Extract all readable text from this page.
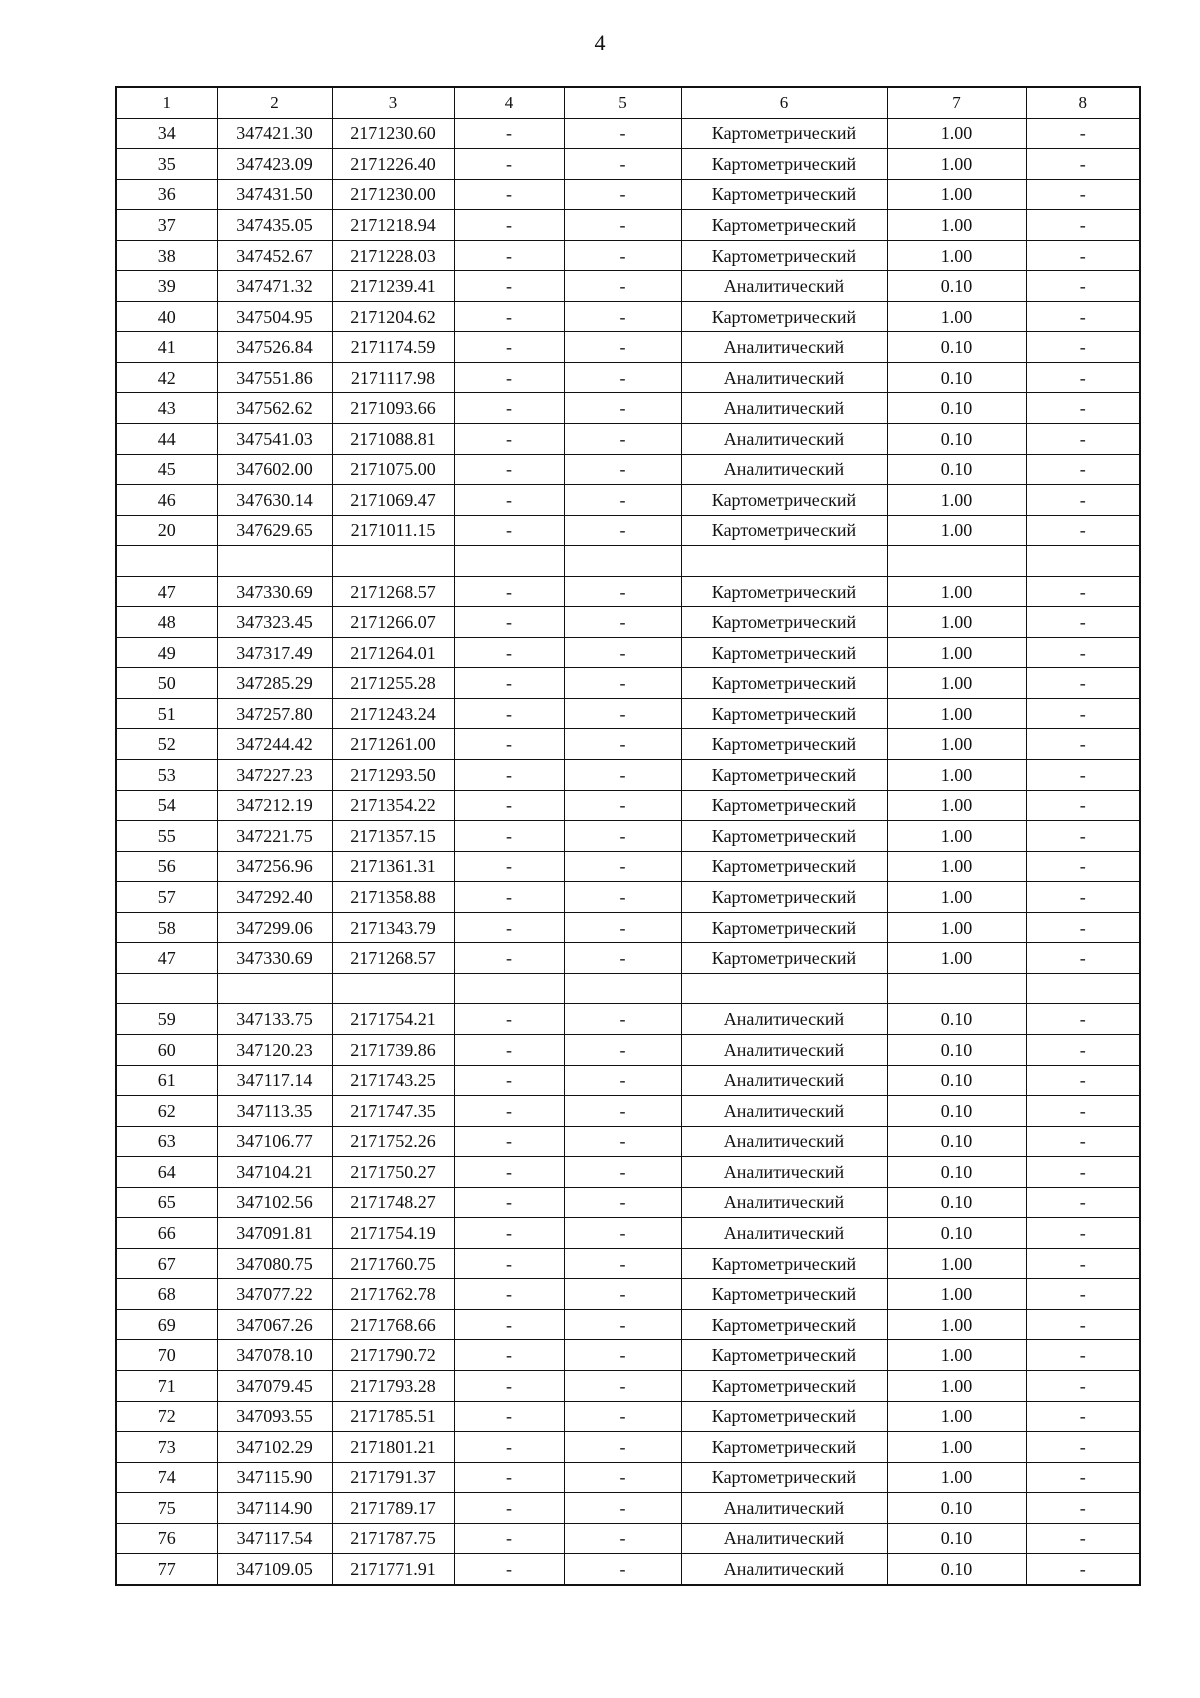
4
1	2	3	4	5	6	7	8
34	347421.30	2171230.60	-	-	Картометрический	1.00	-
35	347423.09	2171226.40	-	-	Картометрический	1.00	-
36	347431.50	2171230.00	-	-	Картометрический	1.00	-
37	347435.05	2171218.94	-	-	Картометрический	1.00	-
38	347452.67	2171228.03	-	-	Картометрический	1.00	-
39	347471.32	2171239.41	-	-	Аналитический	0.10	-
40	347504.95	2171204.62	-	-	Картометрический	1.00	-
41	347526.84	2171174.59	-	-	Аналитический	0.10	-
42	347551.86	2171117.98	-	-	Аналитический	0.10	-
43	347562.62	2171093.66	-	-	Аналитический	0.10	-
44	347541.03	2171088.81	-	-	Аналитический	0.10	-
45	347602.00	2171075.00	-	-	Аналитический	0.10	-
46	347630.14	2171069.47	-	-	Картометрический	1.00	-
20	347629.65	2171011.15	-	-	Картометрический	1.00	-

47	347330.69	2171268.57	-	-	Картометрический	1.00	-
48	347323.45	2171266.07	-	-	Картометрический	1.00	-
49	347317.49	2171264.01	-	-	Картометрический	1.00	-
50	347285.29	2171255.28	-	-	Картометрический	1.00	-
51	347257.80	2171243.24	-	-	Картометрический	1.00	-
52	347244.42	2171261.00	-	-	Картометрический	1.00	-
53	347227.23	2171293.50	-	-	Картометрический	1.00	-
54	347212.19	2171354.22	-	-	Картометрический	1.00	-
55	347221.75	2171357.15	-	-	Картометрический	1.00	-
56	347256.96	2171361.31	-	-	Картометрический	1.00	-
57	347292.40	2171358.88	-	-	Картометрический	1.00	-
58	347299.06	2171343.79	-	-	Картометрический	1.00	-
47	347330.69	2171268.57	-	-	Картометрический	1.00	-

59	347133.75	2171754.21	-	-	Аналитический	0.10	-
60	347120.23	2171739.86	-	-	Аналитический	0.10	-
61	347117.14	2171743.25	-	-	Аналитический	0.10	-
62	347113.35	2171747.35	-	-	Аналитический	0.10	-
63	347106.77	2171752.26	-	-	Аналитический	0.10	-
64	347104.21	2171750.27	-	-	Аналитический	0.10	-
65	347102.56	2171748.27	-	-	Аналитический	0.10	-
66	347091.81	2171754.19	-	-	Аналитический	0.10	-
67	347080.75	2171760.75	-	-	Картометрический	1.00	-
68	347077.22	2171762.78	-	-	Картометрический	1.00	-
69	347067.26	2171768.66	-	-	Картометрический	1.00	-
70	347078.10	2171790.72	-	-	Картометрический	1.00	-
71	347079.45	2171793.28	-	-	Картометрический	1.00	-
72	347093.55	2171785.51	-	-	Картометрический	1.00	-
73	347102.29	2171801.21	-	-	Картометрический	1.00	-
74	347115.90	2171791.37	-	-	Картометрический	1.00	-
75	347114.90	2171789.17	-	-	Аналитический	0.10	-
76	347117.54	2171787.75	-	-	Аналитический	0.10	-
77	347109.05	2171771.91	-	-	Аналитический	0.10	-
